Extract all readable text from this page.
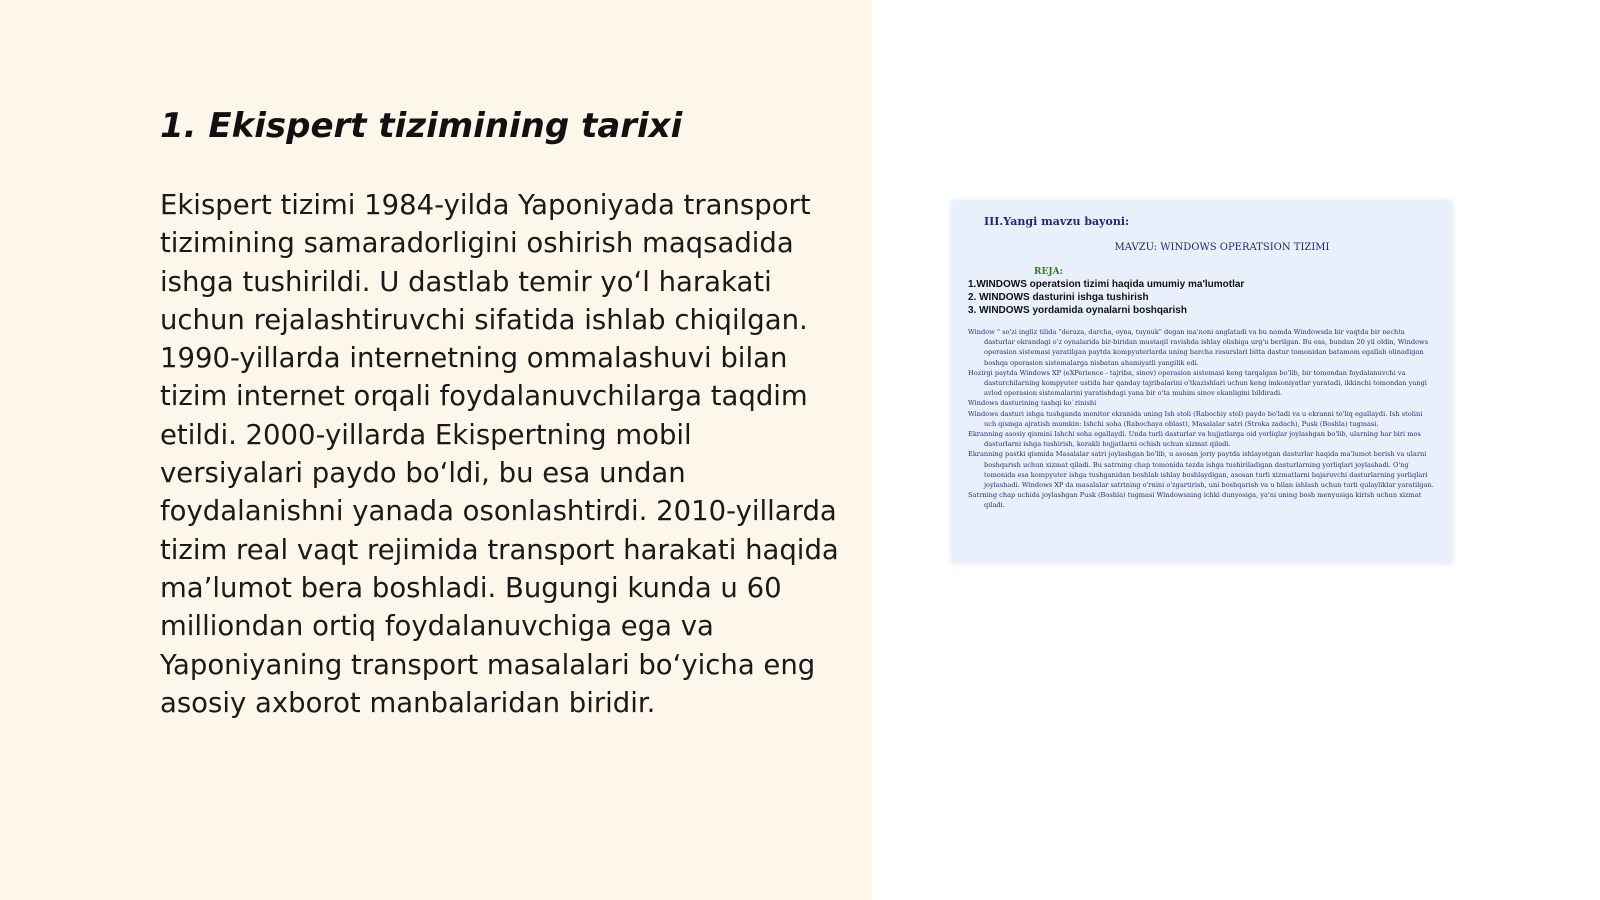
1. Ekispert tizimining tarixi

Ekispert tizimi 1984-yilda Yaponiyada transport tizimining samaradorligini oshirish maqsadida ishga tushirildi. U dastlab temir yo‘l harakati uchun rejalashtiruvchi sifatida ishlab chiqilgan. 1990-yillarda internetning ommalashuvi bilan tizim internet orqali foydalanuvchilarga taqdim etildi. 2000-yillarda Ekispertning mobil versiyalari paydo bo‘ldi, bu esa undan foydalanishni yanada osonlashtirdi. 2010-yillarda tizim real vaqt rejimida transport harakati haqida ma’lumot bera boshladi. Bugungi kunda u 60 milliondan ortiq foydalanuvchiga ega va Yaponiyaning transport masalalari bo‘yicha eng asosiy axborot manbalaridan biridir.

III.Yangi mavzu bayoni:
MAVZU: WINDOWS OPERATSION TIZIMI
REJA:
1.WINDOWS operatsion tizimi haqida umumiy ma'lumotlar
2. WINDOWS dasturini ishga tushirish
3. WINDOWS yordamida oynalarni boshqarish

Window " so'zi ingliz tilida "deraza, darcha, oyna, tuynuk" degan ma'noni anglatadi va bu nomda Windowsda bir vaqtda bir nechta dasturlar ekrandagi o'z oynalarida bir-biridan mustaqil ravishda ishlay olishiga urg'u berilgan. Bu esa, bundan 20 yil oldin, Windows operasion sistemasi yaratilgan paytda kompyuterlarda uning barcha resurslari bitta dastur tomonidan batamom egallab olinadigan boshqa operasion sistemalarga nisbatan ahamiyatli yangilik edi.

Hozirgi paytda Windows XP (eXPerience - tajriba, sinov) operasion sistemasi keng tarqalgan bo'lib, bir tomondan foydalanuvchi va dasturchilarning kompyuter ustida har qanday tajribalarini o'tkazishlari uchun keng imkoniyatlar yaratadi, ikkinchi tomondan yangi avlod operasion sistemalarini yaratishdagi yana bir o'ta muhim sinov ekanligini bildiradi.

Windows dasturining tashqi ko`rinishi

Windows dasturi ishga tushganda monitor ekranida uning Ish stoli (Rabochiy stol) paydo bo'ladi va u ekranni to'liq egallaydi. Ish stolini uch qismga ajratish mumkin: Ishchi soha (Rabochaya oblast), Masalalar satri (Stroka zadach), Pusk (Boshla) tugmasi.

Ekranning asosiy qismini Ishchi soha egallaydi. Unda turli dasturlar va hujjatlarga oid yorliqlar joylashgan bo'lib, ularning har biri mos dasturlarni ishga tushirish, kerakli hujjatlarni ochish uchun xizmat qiladi.

Ekranning pastki qismida Masalalar satri joylashgan bo'lib, u asosan joriy paytda ishlayotgan dasturlar haqida ma'lumot berish va ularni boshqarish uchun xizmat qiladi. Bu satrning chap tomonida tezda ishga tushiriladigan dasturlarning yorliqlari joylashadi. O'ng tomonida esa kompyuter ishga tushganidan boshlab ishlay boshlaydigan, asosan turli xizmatlarni bajaruvchi dasturlarning yorliqlari joylashadi. Windows XP da masalalar satrining o'rnini o'zgartirish, uni boshqarish va u bilan ishlash uchun turli qulayliklar yaratilgan.

Satrning chap uchida joylashgan Pusk (Boshla) tugmasi Windowsning ichki dunyosiga, ya'ni uning bosh menyusiga kirish uchun xizmat qiladi.
